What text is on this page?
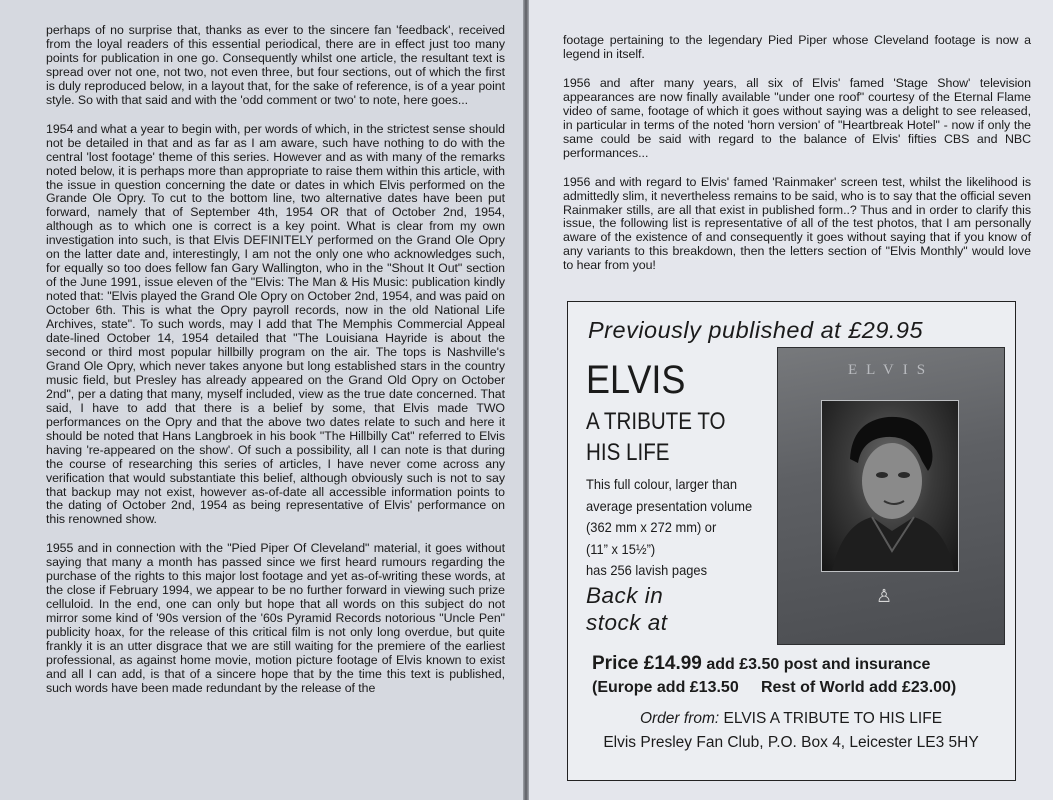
perhaps of no surprise that, thanks as ever to the sincere fan 'feedback', received from the loyal readers of this essential periodical, there are in effect just too many points for publication in one go. Consequently whilst one article, the resultant text is spread over not one, not two, not even three, but four sections, out of which the first is duly reproduced below, in a layout that, for the sake of reference, is of a year point style. So with that said and with the 'odd comment or two' to note, here goes...

1954 and what a year to begin with, per words of which, in the strictest sense should not be detailed in that and as far as I am aware, such have nothing to do with the central 'lost footage' theme of this series. However and as with many of the remarks noted below, it is perhaps more than appropriate to raise them within this article, with the issue in question concerning the date or dates in which Elvis performed on the Grande Ole Opry. To cut to the bottom line, two alternative dates have been put forward, namely that of September 4th, 1954 OR that of October 2nd, 1954, although as to which one is correct is a key point. What is clear from my own investigation into such, is that Elvis DEFINITELY performed on the Grand Ole Opry on the latter date and, interestingly, I am not the only one who acknowledges such, for equally so too does fellow fan Gary Wallington, who in the "Shout It Out" section of the June 1991, issue eleven of the "Elvis: The Man & His Music: publication kindly noted that: "Elvis played the Grand Ole Opry on October 2nd, 1954, and was paid on October 6th. This is what the Opry payroll records, now in the old National Life Archives, state". To such words, may I add that The Memphis Commercial Appeal date-lined October 14, 1954 detailed that "The Louisiana Hayride is about the second or third most popular hillbilly program on the air. The tops is Nashville's Grand Ole Opry, which never takes anyone but long established stars in the country music field, but Presley has already appeared on the Grand Old Opry on October 2nd", per a dating that many, myself included, view as the true date concerned. That said, I have to add that there is a belief by some, that Elvis made TWO performances on the Opry and that the above two dates relate to such and here it should be noted that Hans Langbroek in his book "The Hillbilly Cat" referred to Elvis having 're-appeared on the show'. Of such a possibility, all I can note is that during the course of researching this series of articles, I have never come across any verification that would substantiate this belief, although obviously such is not to say that backup may not exist, however as-of-date all accessible information points to the dating of October 2nd, 1954 as being representative of Elvis' performance on this renowned show.

1955 and in connection with the "Pied Piper Of Cleveland" material, it goes without saying that many a month has passed since we first heard rumours regarding the purchase of the rights to this major lost footage and yet as-of-writing these words, at the close if February 1994, we appear to be no further forward in viewing such prize celluloid. In the end, one can only but hope that all words on this subject do not mirror some kind of '90s version of the '60s Pyramid Records notorious "Uncle Pen" publicity hoax, for the release of this critical film is not only long overdue, but quite frankly it is an utter disgrace that we are still waiting for the premiere of the earliest professional, as against home movie, motion picture footage of Elvis known to exist and all I can add, is that of a sincere hope that by the time this text is published, such words have been made redundant by the release of the

footage pertaining to the legendary Pied Piper whose Cleveland footage is now a legend in itself.

1956 and after many years, all six of Elvis' famed 'Stage Show' television appearances are now finally available "under one roof" courtesy of the Eternal Flame video of same, footage of which it goes without saying was a delight to see released, in particular in terms of the noted 'horn version' of "Heartbreak Hotel" - now if only the same could be said with regard to the balance of Elvis' fifties CBS and NBC performances...

1956 and with regard to Elvis' famed 'Rainmaker' screen test, whilst the likelihood is admittedly slim, it nevertheless remains to be said, who is to say that the official seven Rainmaker stills, are all that exist in published form..? Thus and in order to clarify this issue, the following list is representative of all of the test photos, that I am personally aware of the existence of and consequently it goes without saying that if you know of any variants to this breakdown, then the letters section of "Elvis Monthly" would love to hear from you!

Previously published at £29.95
ELVIS
A TRIBUTE TO
HIS LIFE
This full colour, larger than
average presentation volume
(362 mm x 272 mm) or
(11” x 15½”)
has 256 lavish pages
Back in
stock at
ELVIS
♙
Price £14.99 add £3.50 post and insurance
(Europe add £13.50 Rest of World add £23.00)
Order from: ELVIS A TRIBUTE TO HIS LIFE
Elvis Presley Fan Club, P.O. Box 4, Leicester LE3 5HY
